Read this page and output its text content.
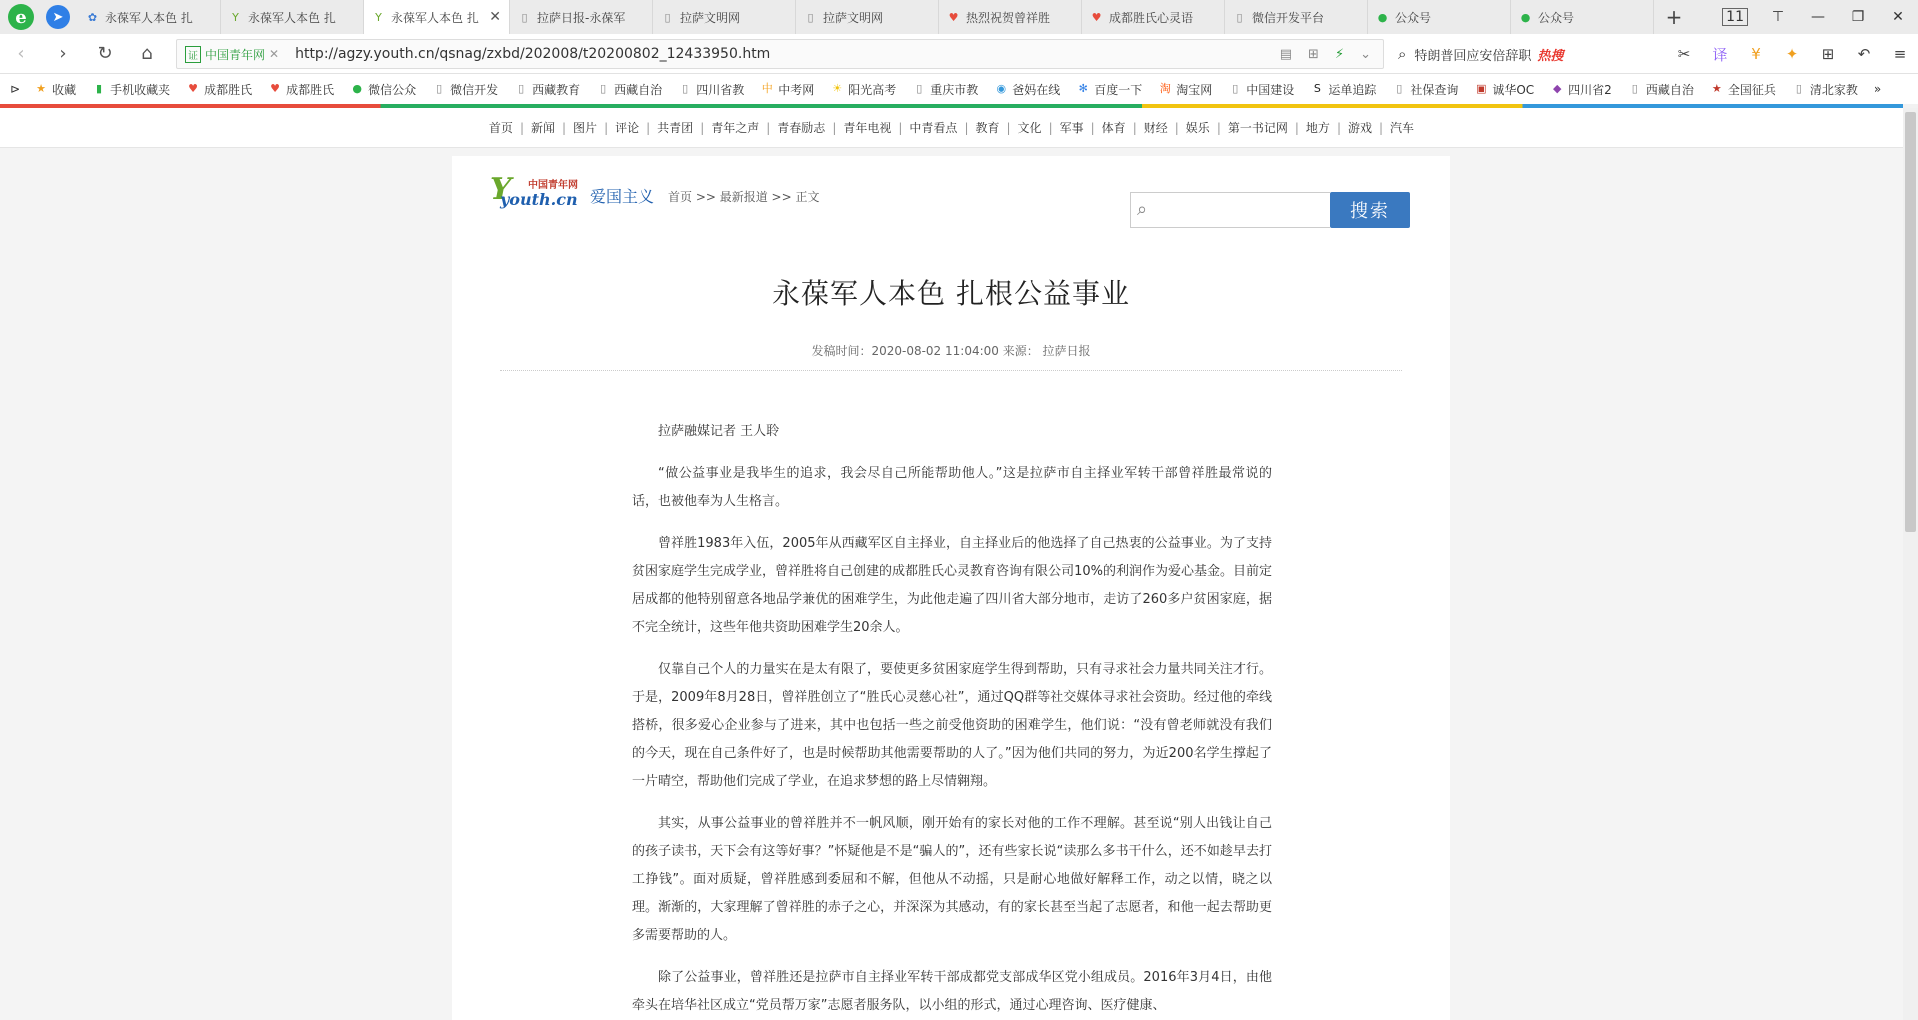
e	➤	✿ 永葆军人本色 扎	Y 永葆军人本色 扎	Y 永葆军人本色 扎 ✕	▯ 拉萨日报-永葆军	▯ 拉萨文明网	▯ 拉萨文明网	♥ 热烈祝贺曾祥胜	♥ 成都胜氏心灵语	▯ 微信开发平台	● 公众号	● 公众号	+	11	⊤	—	❐	✕
‹	›	↻	⌂	证 中国青年网 ✕ http://agzy.youth.cn/qsnag/zxbd/202008/t20200802_12433950.htm	▤ ⊞ ⚡ ⌄ ⌕ 特朗普回应安倍辞职 热搜	✂	译	¥	✦	⊞	↶	≡
⊳ ★ 收藏	▮ 手机收藏夹 ♥ 成都胜氏 ♥ 成都胜氏 ● 微信公众	▯ 微信开发	▯ 西藏教育	▯ 西藏自治	▯ 四川省教 中 中考网 ☀ 阳光高考	▯ 重庆市教 ◉ 爸妈在线 ✻ 百度一下 淘 淘宝网	▯ 中国建设	S 运单追踪	▯ 社保查询 ▣ 诚华OC ◆ 四川省2	▯ 西藏自治 ★ 全国征兵	▯ 清北家教 »
首页 | 新闻 | 图片 | 评论 | 共青团 | 青年之声 | 青春励志 | 青年电视 | 中青看点 | 教育 | 文化 | 军事 | 体育 | 财经 | 娱乐 | 第一书记网 | 地方 | 游戏 | 汽车
Y 中国青年网
youth.cn 爱国主义 首页 >> 最新报道 >> 正文
⌕	搜索
永葆军人本色 扎根公益事业
发稿时间：2020-08-02 11:04:00 来源： 拉萨日报

拉萨融媒记者 王人聆

“做公益事业是我毕生的追求，我会尽自己所能帮助他人。”这是拉萨市自主择业军转干部曾祥胜最常说的话，也被他奉为人生格言。

曾祥胜1983年入伍，2005年从西藏军区自主择业，自主择业后的他选择了自己热衷的公益事业。为了支持贫困家庭学生完成学业，曾祥胜将自己创建的成都胜氏心灵教育咨询有限公司10%的利润作为爱心基金。目前定居成都的他特别留意各地品学兼优的困难学生，为此他走遍了四川省大部分地市，走访了260多户贫困家庭，据不完全统计，这些年他共资助困难学生20余人。

仅靠自己个人的力量实在是太有限了，要使更多贫困家庭学生得到帮助，只有寻求社会力量共同关注才行。于是，2009年8月28日，曾祥胜创立了“胜氏心灵慈心社”，通过QQ群等社交媒体寻求社会资助。经过他的牵线搭桥，很多爱心企业参与了进来，其中也包括一些之前受他资助的困难学生，他们说：“没有曾老师就没有我们的今天，现在自己条件好了，也是时候帮助其他需要帮助的人了。”因为他们共同的努力，为近200名学生撑起了一片晴空，帮助他们完成了学业，在追求梦想的路上尽情翱翔。

其实，从事公益事业的曾祥胜并不一帆风顺，刚开始有的家长对他的工作不理解。甚至说“别人出钱让自己的孩子读书，天下会有这等好事？”怀疑他是不是“骗人的”，还有些家长说“读那么多书干什么，还不如趁早去打工挣钱”。面对质疑，曾祥胜感到委屈和不解，但他从不动摇，只是耐心地做好解释工作，动之以情，晓之以理。渐渐的，大家理解了曾祥胜的赤子之心，并深深为其感动，有的家长甚至当起了志愿者，和他一起去帮助更多需要帮助的人。

除了公益事业，曾祥胜还是拉萨市自主择业军转干部成都党支部成华区党小组成员。2016年3月4日，由他牵头在培华社区成立“党员帮万家”志愿者服务队，以小组的形式，通过心理咨询、医疗健康、
